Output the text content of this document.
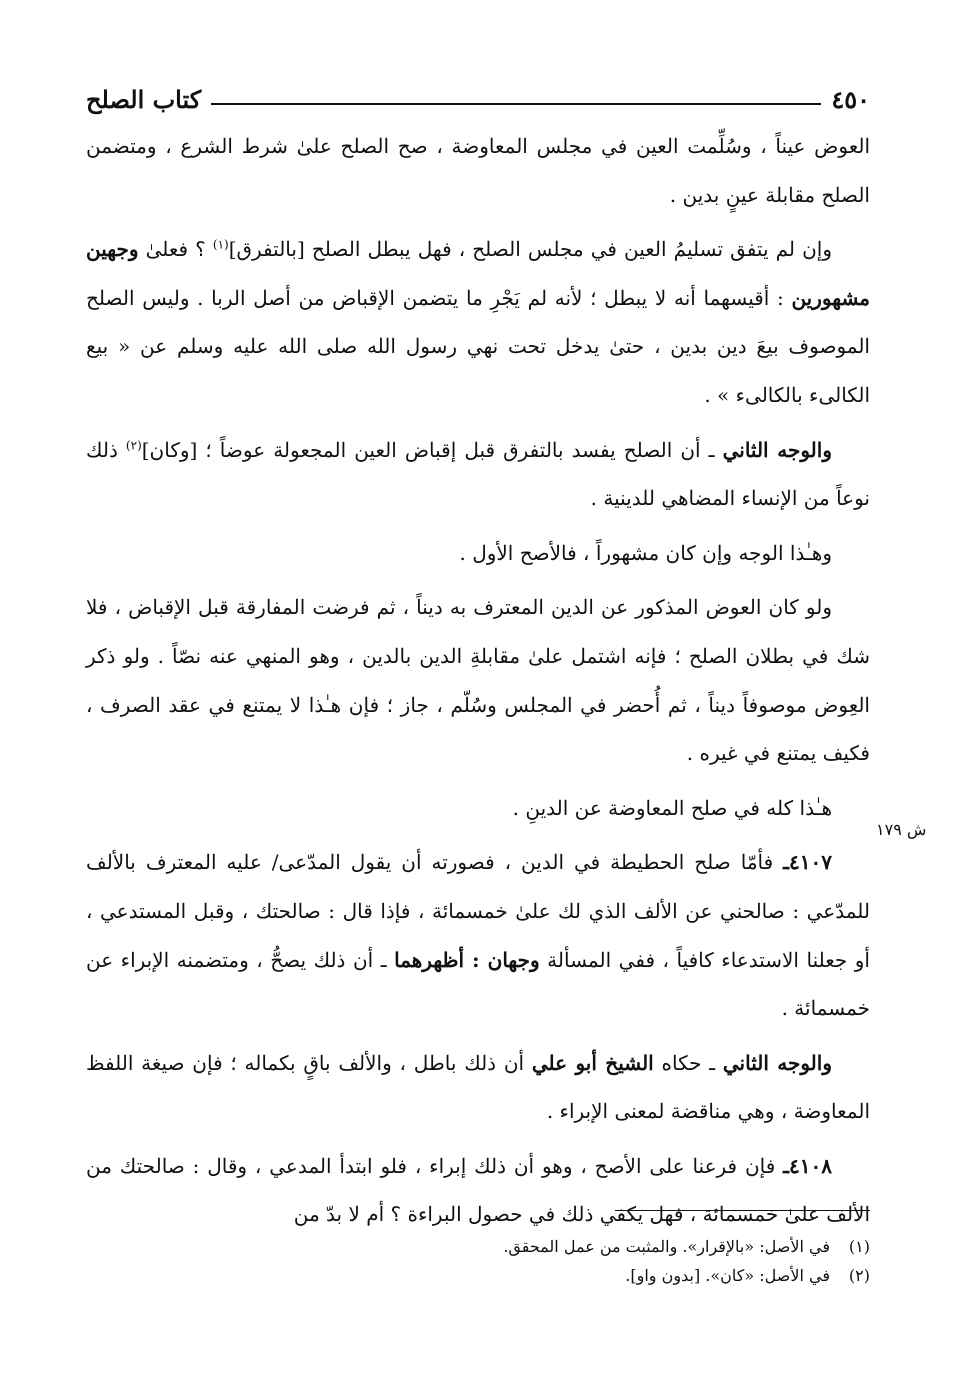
٤٥٠
كتاب الصلح

العوض عيناً ، وسُلِّمت العين في مجلس المعاوضة ، صح الصلح علىٰ شرط الشرع ، ومتضمن الصلح مقابلة عينٍ بدين .

وإن لم يتفق تسليمُ العين في مجلس الصلح ، فهل يبطل الصلح [بالتفرق]$^{(١)}$ ؟ فعلىٰ وجهين مشهورين : أقيسهما أنه لا يبطل ؛ لأنه لم يَجْرِ ما يتضمن الإقباض من أصل الربا . وليس الصلح الموصوف بيعَ دين بدين ، حتىٰ يدخل تحت نهي رسول الله صلى الله عليه وسلم عن « بيع الكالىء بالكالىء » .

والوجه الثاني ـ أن الصلح يفسد بالتفرق قبل إقباض العين المجعولة عوضاً ؛ [وكان]$^{(٢)}$ ذلك نوعاً من الإنساء المضاهي للدينية .

وهـٰذا الوجه وإن كان مشهوراً ، فالأصح الأول .

ولو كان العوض المذكور عن الدين المعترف به ديناً ، ثم فرضت المفارقة قبل الإقباض ، فلا شك في بطلان الصلح ؛ فإنه اشتمل علىٰ مقابلةِ الدين بالدين ، وهو المنهي عنه نصّاً . ولو ذكر العِوض موصوفاً ديناً ، ثم أُحضر في المجلس وسُلّم ، جاز ؛ فإن هـٰذا لا يمتنع في عقد الصرف ، فكيف يمتنع في غيره .

هـٰذا كله في صلح المعاوضة عن الدينِ .

٤١٠٧ـ فأمّا صلح الحطيطة في الدين ، فصورته أن يقول المدّعى/ عليه المعترف بالألف للمدّعي : صالحني عن الألف الذي لك علىٰ خمسمائة ، فإذا قال : صالحتك ، وقبل المستدعي ، أو جعلنا الاستدعاء كافياً ، ففي المسألة وجهان : أظهرهما ـ أن ذلك يصحُّ ، ومتضمنه الإبراء عن خمسمائة .

والوجه الثاني ـ حكاه الشيخ أبو علي أن ذلك باطل ، والألف باقٍ بكماله ؛ فإن صيغة اللفظ المعاوضة ، وهي مناقضة لمعنى الإبراء .

٤١٠٨ـ فإن فرعنا على الأصح ، وهو أن ذلك إبراء ، فلو ابتدأ المدعي ، وقال : صالحتك من الألف علىٰ خمسمائة ، فهل يكفي ذلك في حصول البراءة ؟ أم لا بدّ من

ش ١٧٩
(١)في الأصل: «بالإقرار». والمثبت من عمل المحقق.
(٢)في الأصل: «كان». [بدون واو].
